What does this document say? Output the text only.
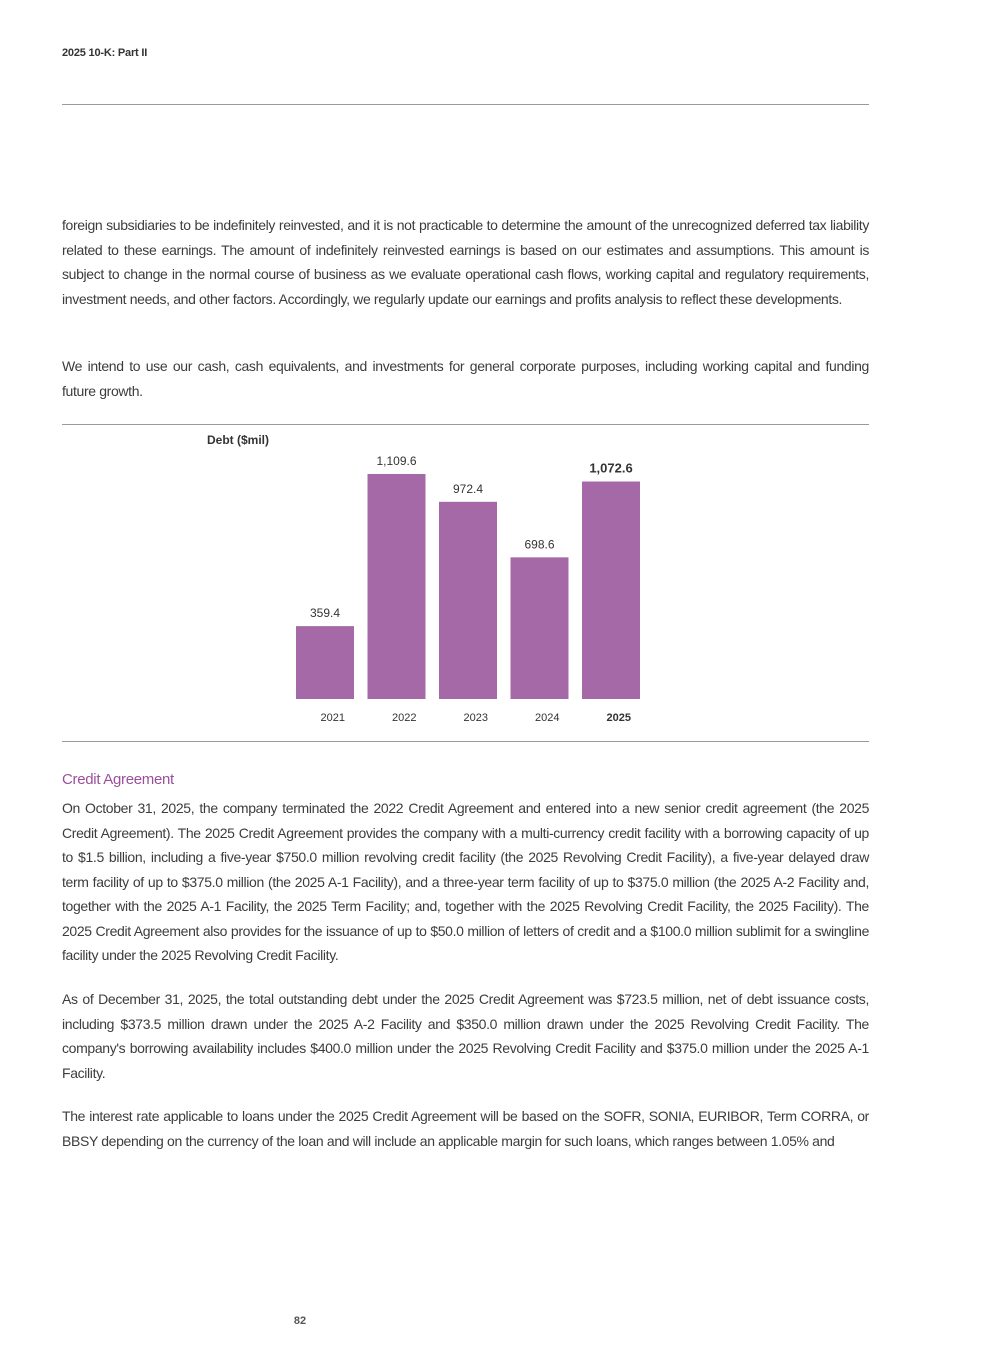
2025 10-K: Part II

foreign subsidiaries to be indefinitely reinvested, and it is not practicable to determine the amount of the unrecognized deferred tax liability related to these earnings. The amount of indefinitely reinvested earnings is based on our estimates and assumptions. This amount is subject to change in the normal course of business as we evaluate operational cash flows, working capital and regulatory requirements, investment needs, and other factors. Accordingly, we regularly update our earnings and profits analysis to reflect these developments.

We intend to use our cash, cash equivalents, and investments for general corporate purposes, including working capital and funding future growth.

Debt ($mil)
359.4
2021
1,109.6
2022
972.4
2023
698.6
2024
1,072.6
2025
Credit Agreement

On October 31, 2025, the company terminated the 2022 Credit Agreement and entered into a new senior credit agreement (the 2025 Credit Agreement). The 2025 Credit Agreement provides the company with a multi-currency credit facility with a borrowing capacity of up to $1.5 billion, including a five-year $750.0 million revolving credit facility (the 2025 Revolving Credit Facility), a five-year delayed draw term facility of up to $375.0 million (the 2025 A-1 Facility), and a three-year term facility of up to $375.0 million (the 2025 A-2 Facility and, together with the 2025 A-1 Facility, the 2025 Term Facility; and, together with the 2025 Revolving Credit Facility, the 2025 Facility). The 2025 Credit Agreement also provides for the issuance of up to $50.0 million of letters of credit and a $100.0 million sublimit for a swingline facility under the 2025 Revolving Credit Facility.

As of December 31, 2025, the total outstanding debt under the 2025 Credit Agreement was $723.5 million, net of debt issuance costs, including $373.5 million drawn under the 2025 A-2 Facility and $350.0 million drawn under the 2025 Revolving Credit Facility. The company's borrowing availability includes $400.0 million under the 2025 Revolving Credit Facility and $375.0 million under the 2025 A-1 Facility.

The interest rate applicable to loans under the 2025 Credit Agreement will be based on the SOFR, SONIA, EURIBOR, Term CORRA, or BBSY depending on the currency of the loan and will include an applicable margin for such loans, which ranges between 1.05% and

82
